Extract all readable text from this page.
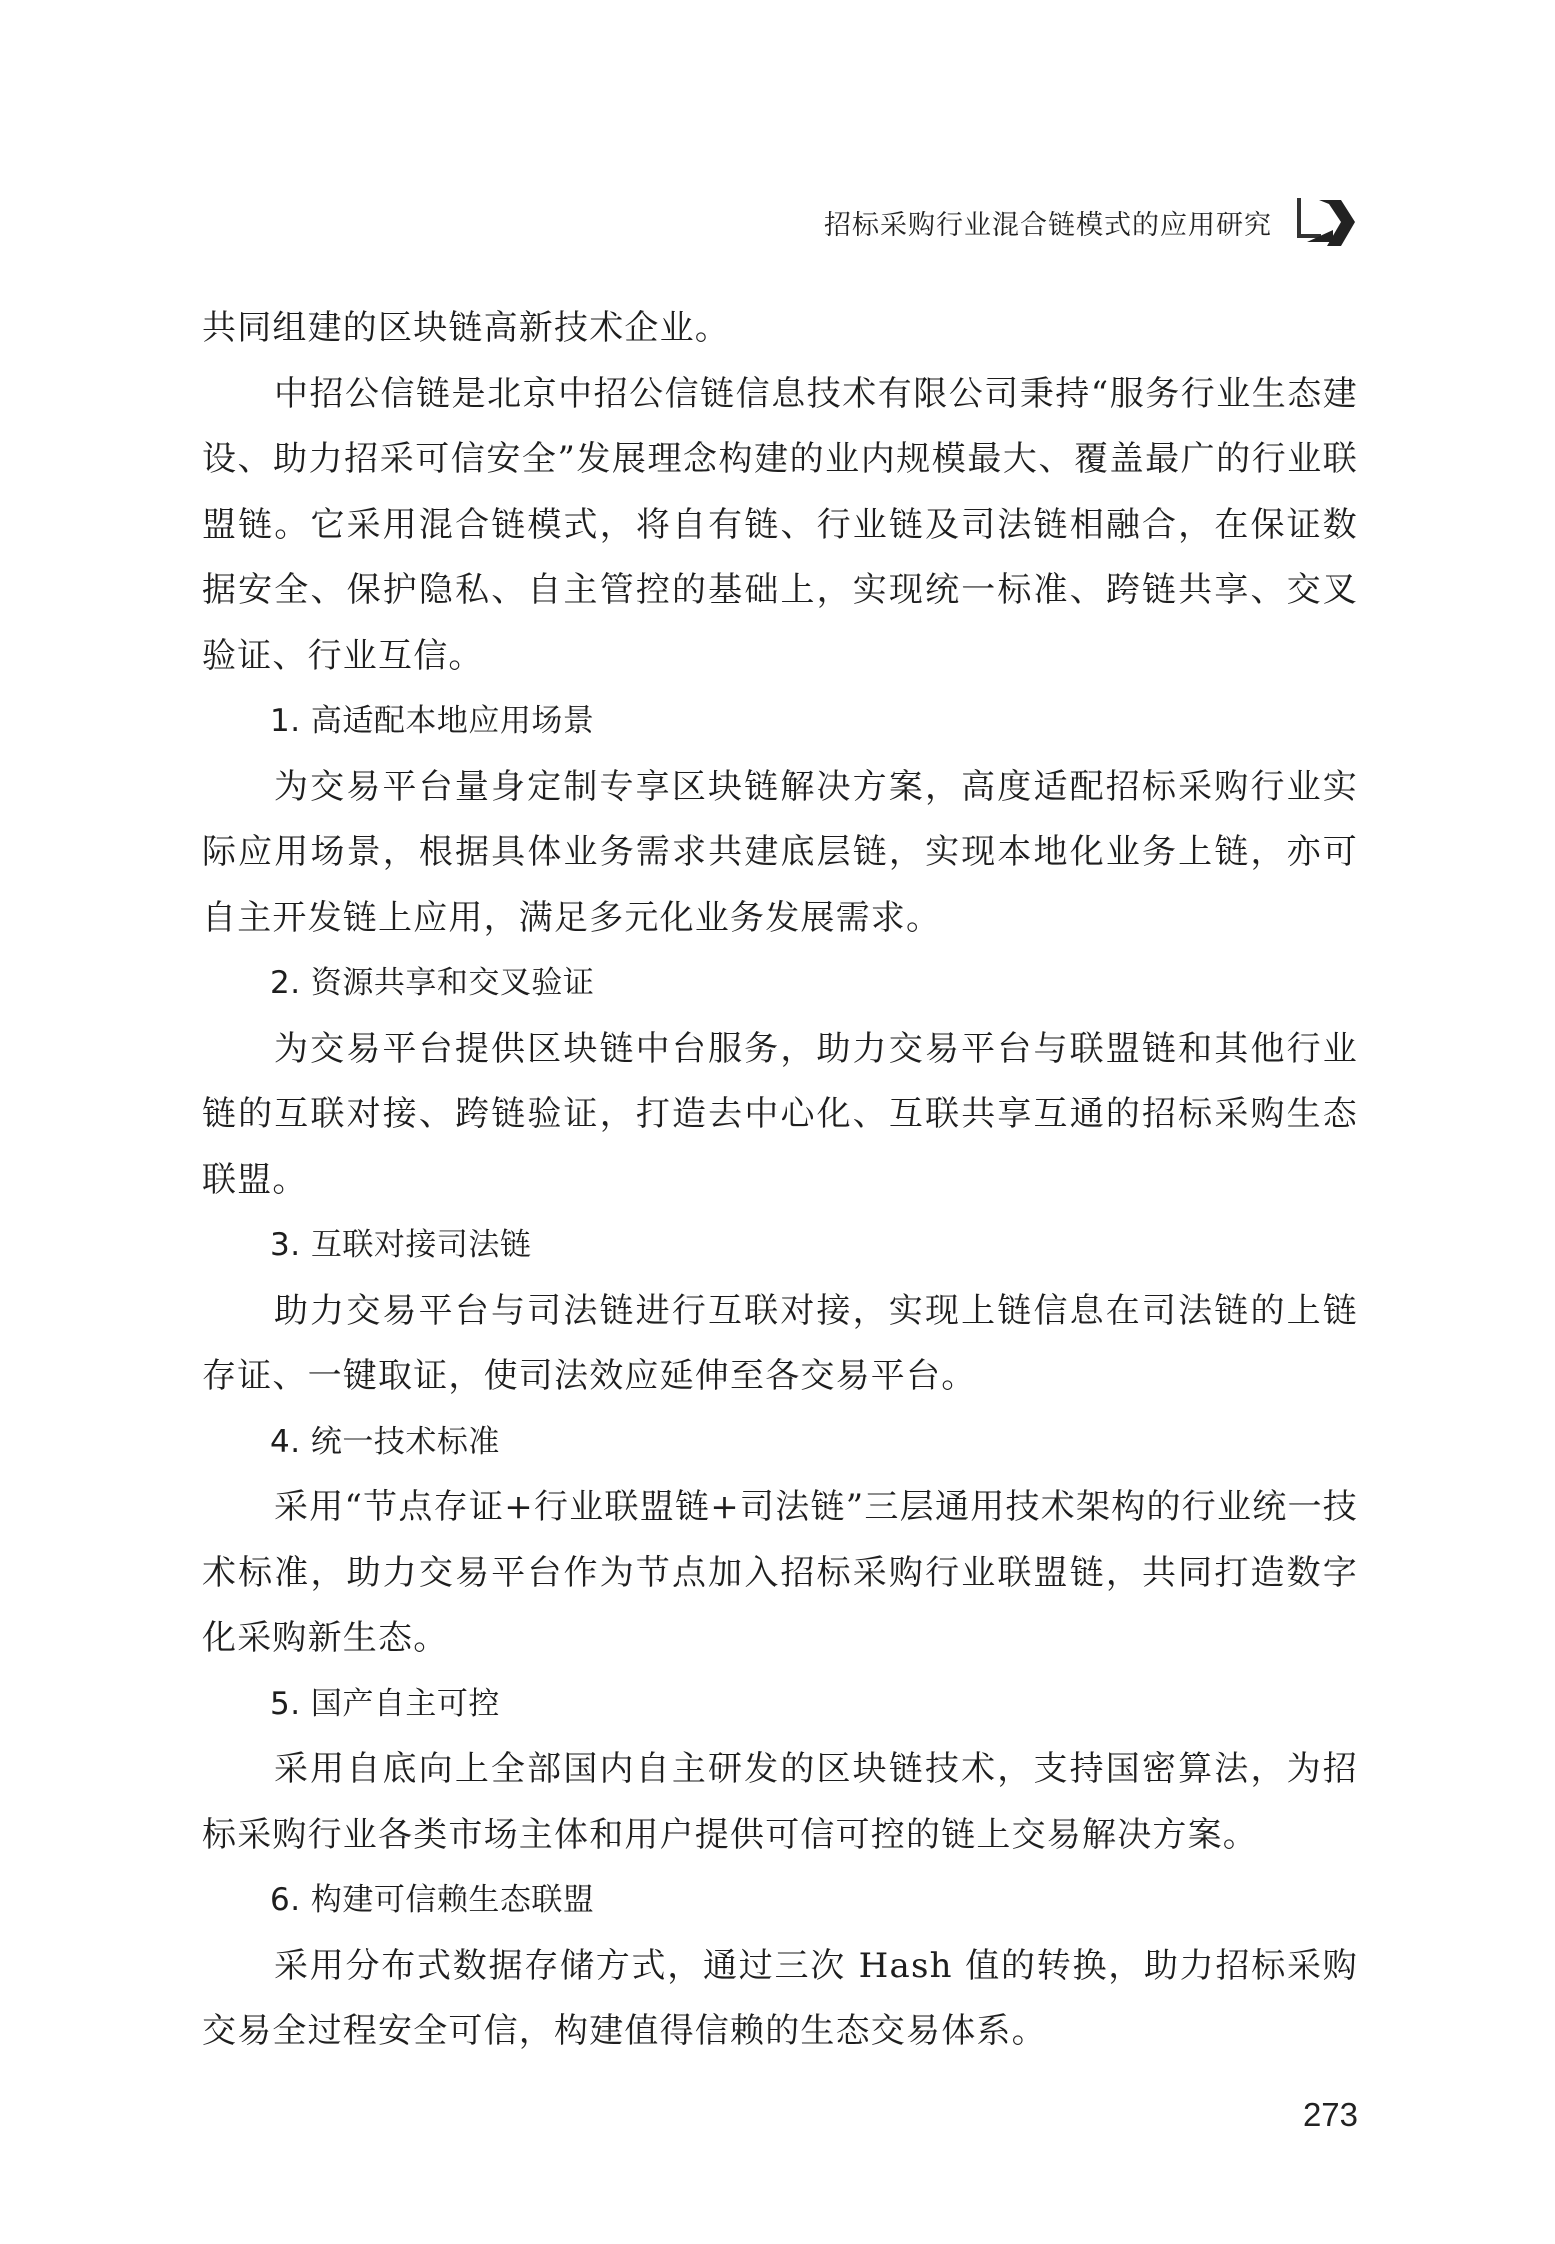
招标采购行业混合链模式的应用研究

共同组建的区块链高新技术企业。

中招公信链是北京中招公信链信息技术有限公司秉持“服务行业生态建设、助力招采可信安全”发展理念构建的业内规模最大、覆盖最广的行业联盟链。它采用混合链模式，将自有链、行业链及司法链相融合，在保证数据安全、保护隐私、自主管控的基础上，实现统一标准、跨链共享、交叉验证、行业互信。

1. 高适配本地应用场景

为交易平台量身定制专享区块链解决方案，高度适配招标采购行业实际应用场景，根据具体业务需求共建底层链，实现本地化业务上链，亦可自主开发链上应用，满足多元化业务发展需求。

2. 资源共享和交叉验证

为交易平台提供区块链中台服务，助力交易平台与联盟链和其他行业链的互联对接、跨链验证，打造去中心化、互联共享互通的招标采购生态联盟。

3. 互联对接司法链

助力交易平台与司法链进行互联对接，实现上链信息在司法链的上链存证、一键取证，使司法效应延伸至各交易平台。

4. 统一技术标准

采用“节点存证+行业联盟链+司法链”三层通用技术架构的行业统一技术标准，助力交易平台作为节点加入招标采购行业联盟链，共同打造数字化采购新生态。

5. 国产自主可控

采用自底向上全部国内自主研发的区块链技术，支持国密算法，为招标采购行业各类市场主体和用户提供可信可控的链上交易解决方案。

6. 构建可信赖生态联盟

采用分布式数据存储方式，通过三次 Hash 值的转换，助力招标采购交易全过程安全可信，构建值得信赖的生态交易体系。

273
